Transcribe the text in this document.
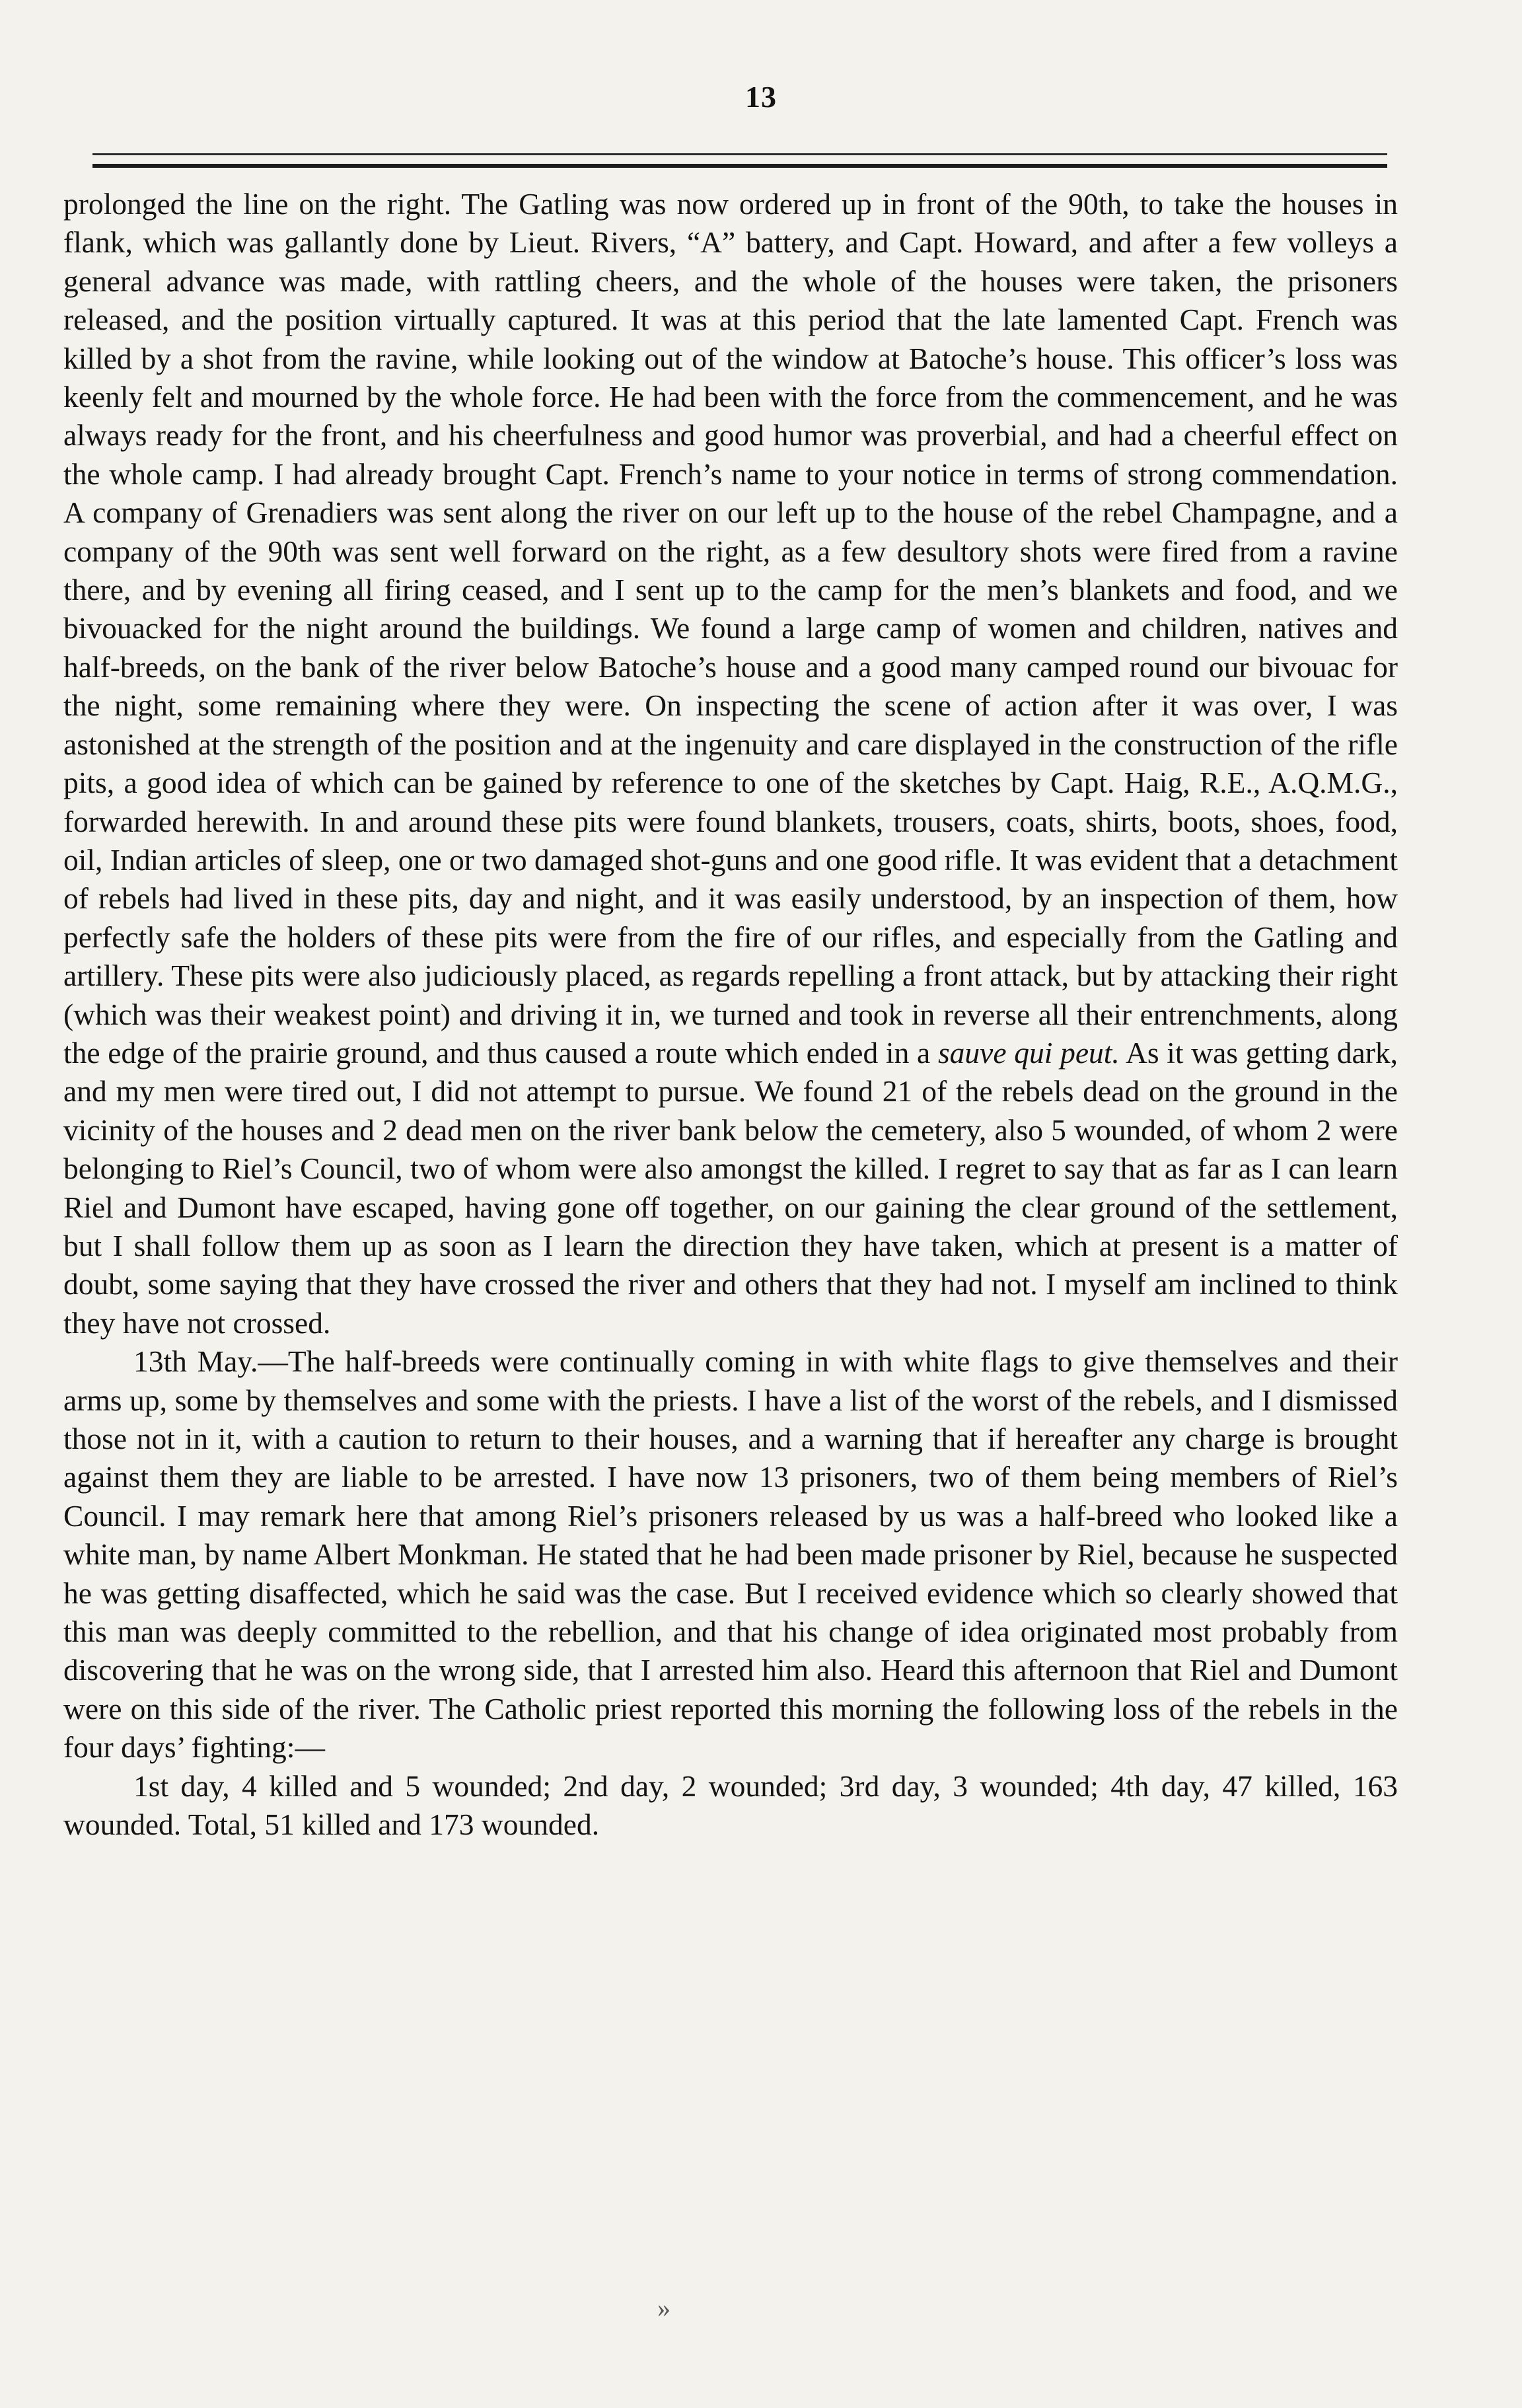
13

prolonged the line on the right. The Gatling was now ordered up in front of the 90th, to take the houses in flank, which was gallantly done by Lieut. Rivers, “A” battery, and Capt. Howard, and after a few volleys a general advance was made, with rattling cheers, and the whole of the houses were taken, the prisoners released, and the position virtually captured. It was at this period that the late lamented Capt. French was killed by a shot from the ravine, while looking out of the window at Batoche’s house. This officer’s loss was keenly felt and mourned by the whole force. He had been with the force from the commencement, and he was always ready for the front, and his cheerfulness and good humor was proverbial, and had a cheerful effect on the whole camp. I had already brought Capt. French’s name to your notice in terms of strong commendation. A company of Grenadiers was sent along the river on our left up to the house of the rebel Champagne, and a company of the 90th was sent well forward on the right, as a few desultory shots were fired from a ravine there, and by evening all firing ceased, and I sent up to the camp for the men’s blankets and food, and we bivouacked for the night around the buildings. We found a large camp of women and children, natives and half-breeds, on the bank of the river below Batoche’s house and a good many camped round our bivouac for the night, some remaining where they were. On inspecting the scene of action after it was over, I was astonished at the strength of the position and at the ingenuity and care displayed in the construction of the rifle pits, a good idea of which can be gained by reference to one of the sketches by Capt. Haig, R.E., A.Q.M.G., forwarded herewith. In and around these pits were found blankets, trousers, coats, shirts, boots, shoes, food, oil, Indian articles of sleep, one or two damaged shot-guns and one good rifle. It was evident that a detachment of rebels had lived in these pits, day and night, and it was easily understood, by an inspection of them, how perfectly safe the holders of these pits were from the fire of our rifles, and especially from the Gatling and artillery. These pits were also judiciously placed, as regards repelling a front attack, but by attacking their right (which was their weakest point) and driving it in, we turned and took in reverse all their entrenchments, along the edge of the prairie ground, and thus caused a route which ended in a sauve qui peut. As it was getting dark, and my men were tired out, I did not attempt to pursue. We found 21 of the rebels dead on the ground in the vicinity of the houses and 2 dead men on the river bank below the cemetery, also 5 wounded, of whom 2 were belonging to Riel’s Council, two of whom were also amongst the killed. I regret to say that as far as I can learn Riel and Dumont have escaped, having gone off together, on our gaining the clear ground of the settlement, but I shall follow them up as soon as I learn the direction they have taken, which at present is a matter of doubt, some saying that they have crossed the river and others that they had not. I myself am inclined to think they have not crossed.

13th May.—The half-breeds were continually coming in with white flags to give themselves and their arms up, some by themselves and some with the priests. I have a list of the worst of the rebels, and I dismissed those not in it, with a caution to return to their houses, and a warning that if hereafter any charge is brought against them they are liable to be arrested. I have now 13 prisoners, two of them being members of Riel’s Council. I may remark here that among Riel’s prisoners released by us was a half-breed who looked like a white man, by name Albert Monkman. He stated that he had been made prisoner by Riel, because he suspected he was getting disaffected, which he said was the case. But I received evidence which so clearly showed that this man was deeply committed to the rebellion, and that his change of idea originated most probably from discovering that he was on the wrong side, that I arrested him also. Heard this afternoon that Riel and Dumont were on this side of the river. The Catholic priest reported this morning the following loss of the rebels in the four days’ fighting:—

1st day, 4 killed and 5 wounded; 2nd day, 2 wounded; 3rd day, 3 wounded; 4th day, 47 killed, 163 wounded. Total, 51 killed and 173 wounded.

»
